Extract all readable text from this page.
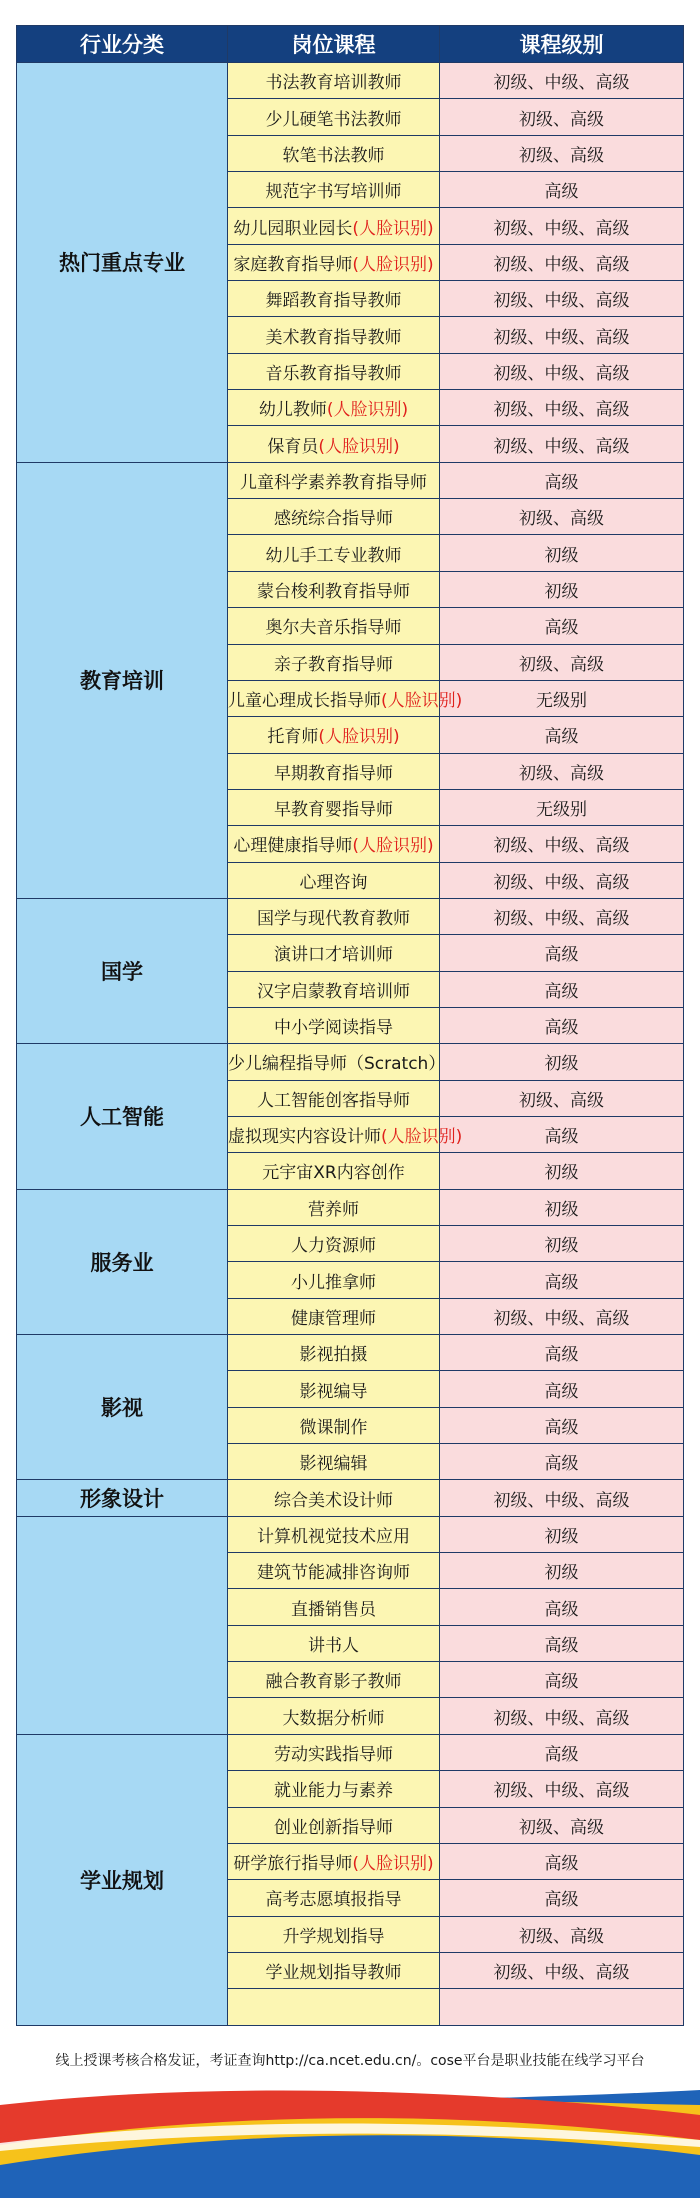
行业分类	岗位课程	课程级别
热门重点专业	书法教育培训教师	初级、中级、高级
	少儿硬笔书法教师	初级、高级
	软笔书法教师	初级、高级
	规范字书写培训师	高级
	幼儿园职业园长(人脸识别)	初级、中级、高级
	家庭教育指导师(人脸识别)	初级、中级、高级
	舞蹈教育指导教师	初级、中级、高级
	美术教育指导教师	初级、中级、高级
	音乐教育指导教师	初级、中级、高级
	幼儿教师(人脸识别)	初级、中级、高级
	保育员(人脸识别)	初级、中级、高级
教育培训	儿童科学素养教育指导师	高级
	感统综合指导师	初级、高级
	幼儿手工专业教师	初级
	蒙台梭利教育指导师	初级
	奥尔夫音乐指导师	高级
	亲子教育指导师	初级、高级
	儿童心理成长指导师(人脸识别)	无级别
	托育师(人脸识别)	高级
	早期教育指导师	初级、高级
	早教育婴指导师	无级别
	心理健康指导师(人脸识别)	初级、中级、高级
	心理咨询	初级、中级、高级
国学	国学与现代教育教师	初级、中级、高级
	演讲口才培训师	高级
	汉字启蒙教育培训师	高级
	中小学阅读指导	高级
人工智能	少儿编程指导师（Scratch）	初级
	人工智能创客指导师	初级、高级
	虚拟现实内容设计师(人脸识别)	高级
	元宇宙XR内容创作	初级
服务业	营养师	初级
	人力资源师	初级
	小儿推拿师	高级
	健康管理师	初级、中级、高级
影视	影视拍摄	高级
	影视编导	高级
	微课制作	高级
	影视编辑	高级
形象设计	综合美术设计师	初级、中级、高级
	计算机视觉技术应用	初级
	建筑节能减排咨询师	初级
	直播销售员	高级
	讲书人	高级
	融合教育影子教师	高级
	大数据分析师	初级、中级、高级
学业规划	劳动实践指导师	高级
	就业能力与素养	初级、中级、高级
	创业创新指导师	初级、高级
	研学旅行指导师(人脸识别)	高级
	高考志愿填报指导	高级
	升学规划指导	初级、高级
	学业规划指导教师	初级、中级、高级

线上授课考核合格发证，考证查询http://ca.ncet.edu.cn/。cose平台是职业技能在线学习平台
